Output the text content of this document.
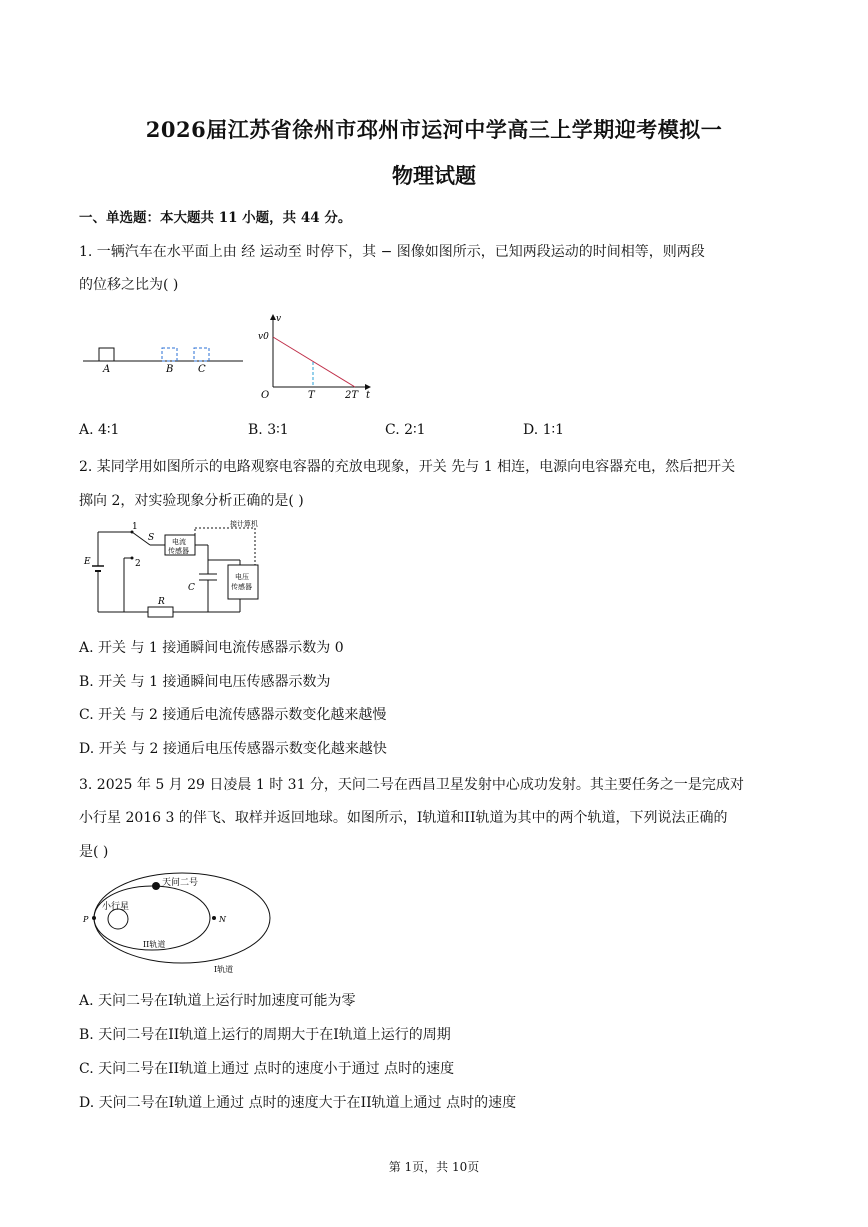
2026届江苏省徐州市邳州市运河中学高三上学期迎考模拟一
物理试题
一、单选题：本大题共 11 小题，共 44 分。
1. 一辆汽车在水平面上由 经 运动至 时停下，其 − 图像如图所示，已知两段运动的时间相等，则两段
的位移之比为( )
A	B C
v
v0
O	T	2T t
A. 4∶1	B. 3∶1	C. 2∶1	D. 1∶1
2. 某同学用如图所示的电路观察电容器的充放电现象，开关 先与 1 相连，电源向电容器充电，然后把开关
掷向 2，对实验现象分析正确的是( )
1
2
S
E
C
R
电流
传感器
电压
传感器
接计算机
A. 开关 与 1 接通瞬间电流传感器示数为 0
B. 开关 与 1 接通瞬间电压传感器示数为
C. 开关 与 2 接通后电流传感器示数变化越来越慢
D. 开关 与 2 接通后电压传感器示数变化越来越快
3. 2025 年 5 月 29 日凌晨 1 时 31 分，天问二号在西昌卫星发射中心成功发射。其主要任务之一是完成对
小行星 2016 3 的伴飞、取样并返回地球。如图所示，I轨道和II轨道为其中的两个轨道，下列说法正确的
是( )
天问二号
小行星
P	N
II轨道
I轨道
A. 天问二号在I轨道上运行时加速度可能为零
B. 天问二号在II轨道上运行的周期大于在I轨道上运行的周期
C. 天问二号在II轨道上通过 点时的速度小于通过 点时的速度
D. 天问二号在I轨道上通过 点时的速度大于在II轨道上通过 点时的速度
第 1页，共 10页
